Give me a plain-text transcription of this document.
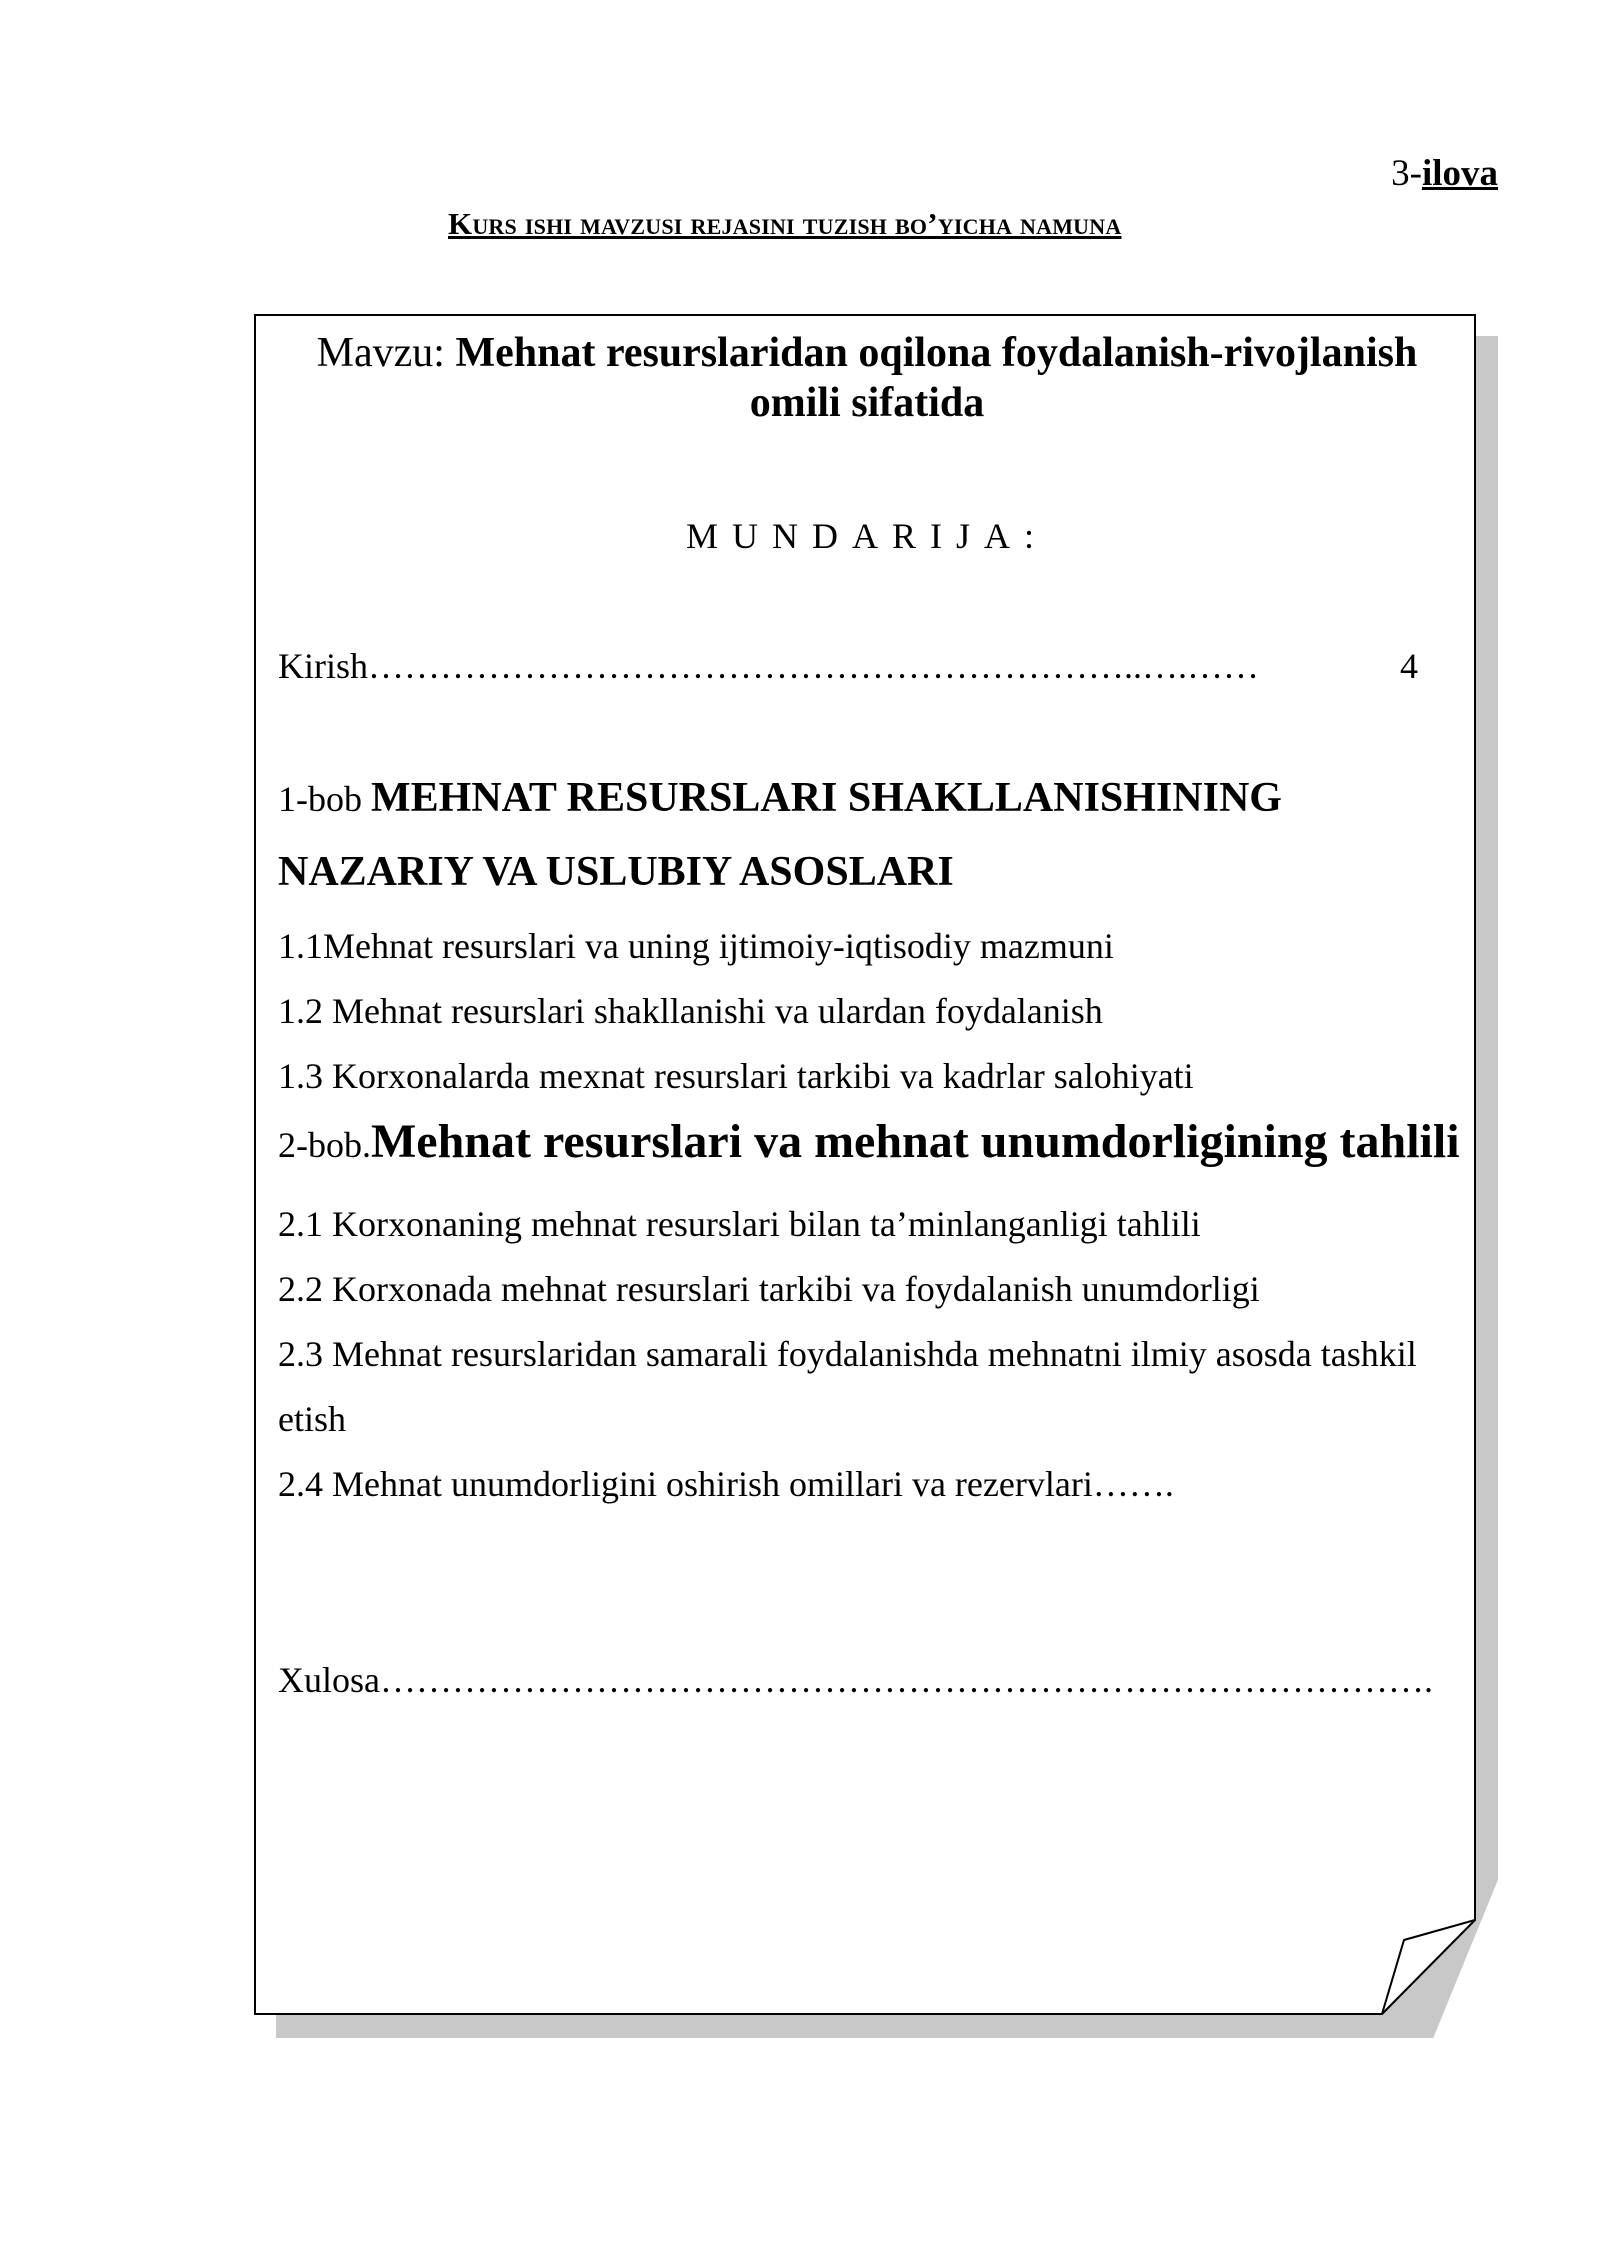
3-ilova
Kurs ishi mavzusi rejasini tuzish bo’yicha namuna
Mavzu: Mehnat resurslaridan oqilona foydalanish-rivojlanish
omili sifatida
MUNDARIJA:
Kirish………………………………………………………..….……	4
1-bob MEHNAT RESURSLARI SHAKLLANISHINING
NAZARIY VA USLUBIY ASOSLARI
1.1Mehnat resurslari va uning ijtimoiy-iqtisodiy mazmuni
1.2 Mehnat resurslari shakllanishi va ulardan foydalanish
1.3 Korxonalarda mexnat resurslari tarkibi va kadrlar salohiyati
2-bob.Mehnat resurslari va mehnat unumdorligining tahlili
2.1 Korxonaning mehnat resurslari bilan ta’minlanganligi tahlili
2.2 Korxonada mehnat resurslari tarkibi va foydalanish unumdorligi
2.3 Mehnat resurslaridan samarali foydalanishda mehnatni ilmiy asosda tashkil
etish
2.4 Mehnat unumdorligini oshirish omillari va rezervlari…….
Xulosa…………………………………………………………………………….
